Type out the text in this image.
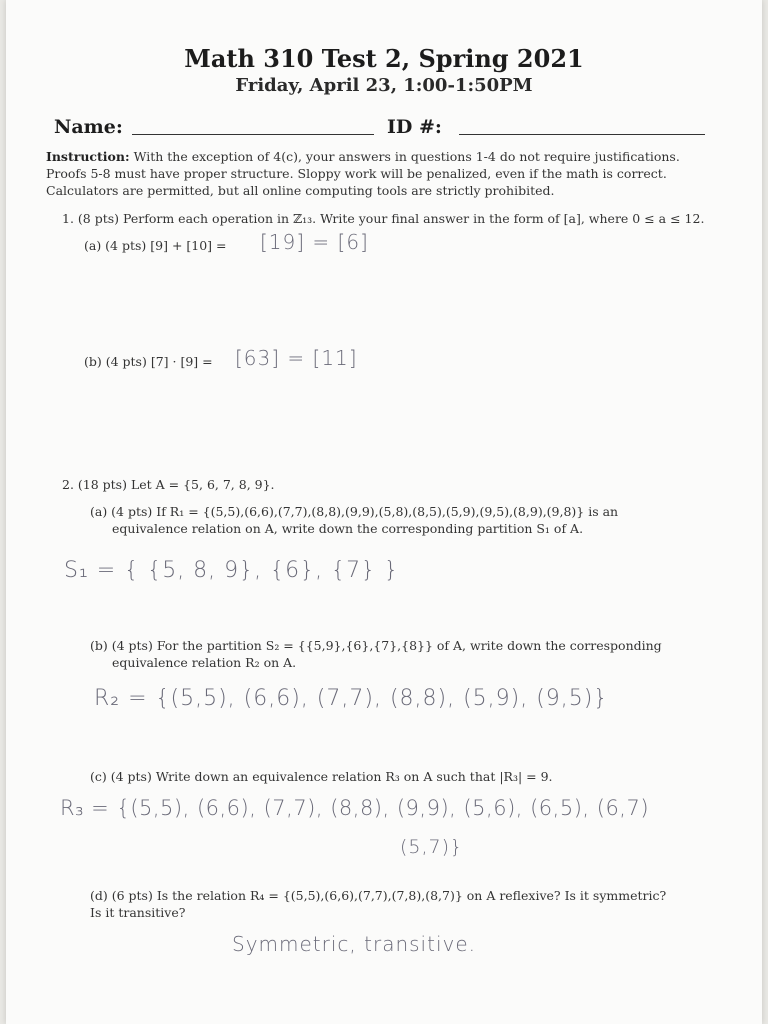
Math 310 Test 2, Spring 2021
Friday, April 23, 1:00-1:50PM
Name:	ID #:
Instruction: With the exception of 4(c), your answers in questions 1-4 do not require justifications.
Proofs 5-8 must have proper structure. Sloppy work will be penalized, even if the math is correct.
Calculators are permitted, but all online computing tools are strictly prohibited.
1. (8 pts) Perform each operation in ℤ₁₃. Write your final answer in the form of [a], where 0 ≤ a ≤ 12.
(a) (4 pts) [9] + [10] = [19] = [6]
(b) (4 pts) [7] · [9] = [63] = [11]
2. (18 pts) Let A = {5, 6, 7, 8, 9}.
(a) (4 pts) If R₁ = {(5,5),(6,6),(7,7),(8,8),(9,9),(5,8),(8,5),(5,9),(9,5),(8,9),(9,8)} is an
equivalence relation on A, write down the corresponding partition S₁ of A.
S₁ = { {5, 8, 9}, {6}, {7} }
(b) (4 pts) For the partition S₂ = {{5,9},{6},{7},{8}} of A, write down the corresponding
equivalence relation R₂ on A.
R₂ = {(5,5), (6,6), (7,7), (8,8), (5,9), (9,5)}
(c) (4 pts) Write down an equivalence relation R₃ on A such that |R₃| = 9.
R₃ = {(5,5), (6,6), (7,7), (8,8), (9,9), (5,6), (6,5), (6,7)
(5,7)}
(d) (6 pts) Is the relation R₄ = {(5,5),(6,6),(7,7),(7,8),(8,7)} on A reflexive? Is it symmetric?
Is it transitive?
Symmetric, transitive.
